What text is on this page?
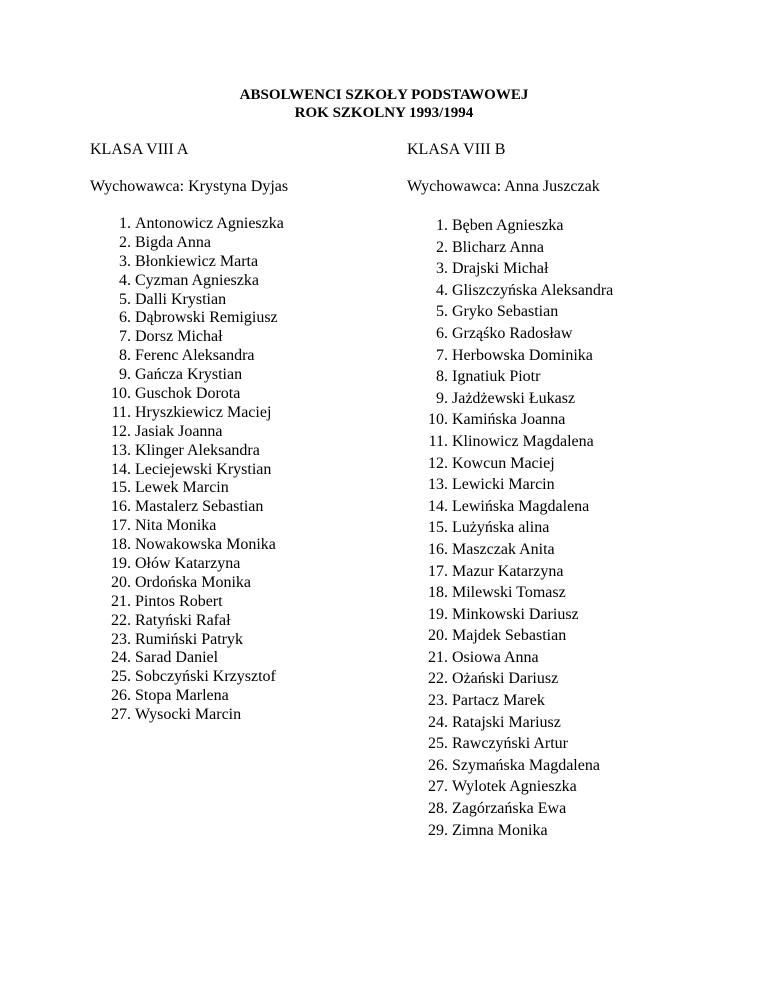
ABSOLWENCI SZKOŁY PODSTAWOWEJ
ROK SZKOLNY 1993/1994
KLASA VIII A
Wychowawca: Krystyna Dyjas
1. Antonowicz Agnieszka
2. Bigda Anna
3. Błonkiewicz Marta
4. Cyzman Agnieszka
5. Dalli Krystian
6. Dąbrowski Remigiusz
7. Dorsz Michał
8. Ferenc Aleksandra
9. Gańcza Krystian
10. Guschok Dorota
11. Hryszkiewicz Maciej
12. Jasiak Joanna
13. Klinger Aleksandra
14. Leciejewski Krystian
15. Lewek Marcin
16. Mastalerz Sebastian
17. Nita Monika
18. Nowakowska Monika
19. Ołów Katarzyna
20. Ordońska Monika
21. Pintos Robert
22. Ratyński Rafał
23. Rumiński Patryk
24. Sarad Daniel
25. Sobczyński Krzysztof
26. Stopa Marlena
27. Wysocki Marcin
KLASA VIII B
Wychowawca: Anna Juszczak
1. Bęben Agnieszka
2. Blicharz Anna
3. Drajski Michał
4. Gliszczyńska Aleksandra
5. Gryko Sebastian
6. Grząśko Radosław
7. Herbowska Dominika
8. Ignatiuk Piotr
9. Jażdżewski Łukasz
10. Kamińska Joanna
11. Klinowicz Magdalena
12. Kowcun Maciej
13. Lewicki Marcin
14. Lewińska Magdalena
15. Lużyńska alina
16. Maszczak Anita
17. Mazur Katarzyna
18. Milewski Tomasz
19. Minkowski Dariusz
20. Majdek Sebastian
21. Osiowa Anna
22. Ożański Dariusz
23. Partacz Marek
24. Ratajski Mariusz
25. Rawczyński Artur
26. Szymańska Magdalena
27. Wylotek Agnieszka
28. Zagórzańska Ewa
29. Zimna Monika
